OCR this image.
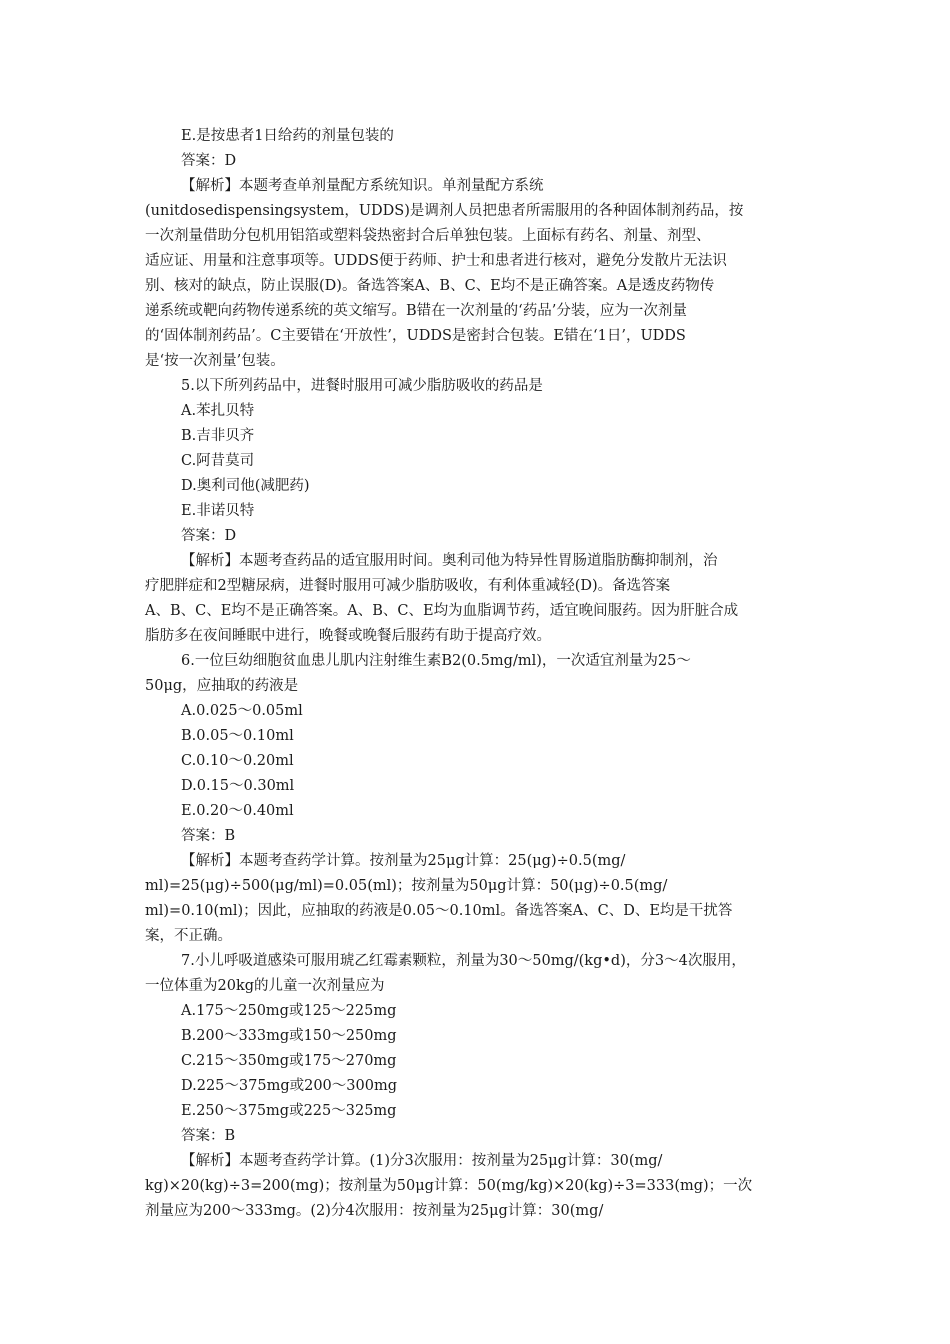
E.是按患者1日给药的剂量包装的
答案：D
【解析】本题考查单剂量配方系统知识。单剂量配方系统
(unitdosedispensingsystem，UDDS)是调剂人员把患者所需服用的各种固体制剂药品，按
一次剂量借助分包机用铝箔或塑料袋热密封合后单独包装。上面标有药名、剂量、剂型、
适应证、用量和注意事项等。UDDS便于药师、护士和患者进行核对，避免分发散片无法识
别、核对的缺点，防止误服(D)。备选答案A、B、C、E均不是正确答案。A是透皮药物传
递系统或靶向药物传递系统的英文缩写。B错在一次剂量的‘药品’分装，应为一次剂量
的‘固体制剂药品’。C主要错在‘开放性’，UDDS是密封合包装。E错在‘1日’，UDDS
是‘按一次剂量’包装。
5.以下所列药品中，进餐时服用可减少脂肪吸收的药品是
A.苯扎贝特
B.吉非贝齐
C.阿昔莫司
D.奥利司他(减肥药)
E.非诺贝特
答案：D
【解析】本题考查药品的适宜服用时间。奥利司他为特异性胃肠道脂肪酶抑制剂，治
疗肥胖症和2型糖尿病，进餐时服用可减少脂肪吸收，有利体重减轻(D)。备选答案
A、B、C、E均不是正确答案。A、B、C、E均为血脂调节药，适宜晚间服药。因为肝脏合成
脂肪多在夜间睡眠中进行，晚餐或晚餐后服药有助于提高疗效。
6.一位巨幼细胞贫血患儿肌内注射维生素B2(0.5mg/ml)，一次适宜剂量为25～
50μg，应抽取的药液是
A.0.025～0.05ml
B.0.05～0.10ml
C.0.10～0.20ml
D.0.15～0.30ml
E.0.20～0.40ml
答案：B
【解析】本题考查药学计算。按剂量为25μg计算：25(μg)÷0.5(mg/
ml)=25(μg)÷500(μg/ml)=0.05(ml)；按剂量为50μg计算：50(μg)÷0.5(mg/
ml)=0.10(ml)；因此，应抽取的药液是0.05～0.10ml。备选答案A、C、D、E均是干扰答
案，不正确。
7.小儿呼吸道感染可服用琥乙红霉素颗粒，剂量为30～50mg/(kg•d)，分3～4次服用，
一位体重为20kg的儿童一次剂量应为
A.175～250mg或125～225mg
B.200～333mg或150～250mg
C.215～350mg或175～270mg
D.225～375mg或200～300mg
E.250～375mg或225～325mg
答案：B
【解析】本题考查药学计算。(1)分3次服用：按剂量为25μg计算：30(mg/
kg)×20(kg)÷3=200(mg)；按剂量为50μg计算：50(mg/kg)×20(kg)÷3=333(mg)；一次
剂量应为200～333mg。(2)分4次服用：按剂量为25μg计算：30(mg/
